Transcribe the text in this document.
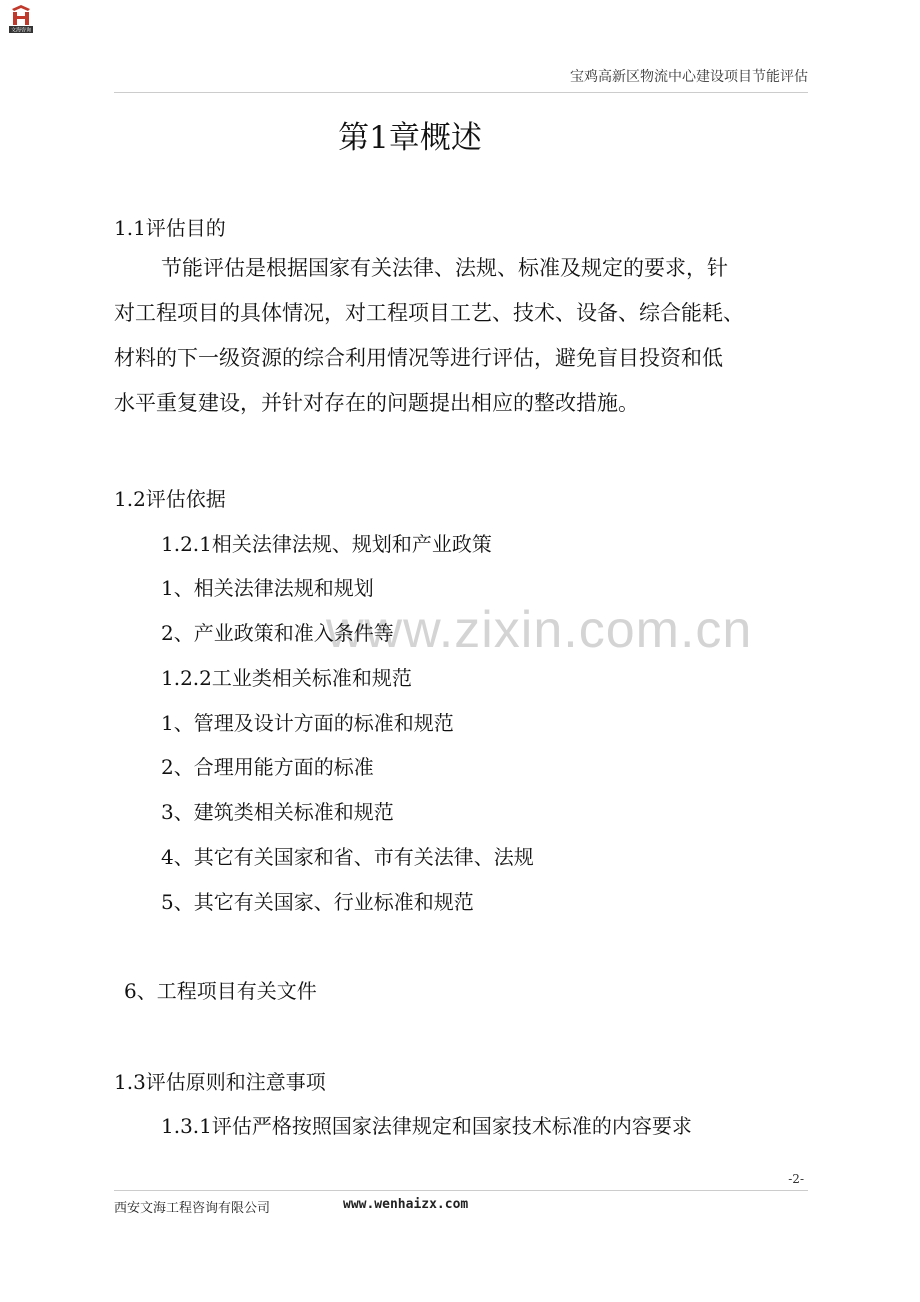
文海咨询
宝鸡高新区物流中心建设项目节能评估
第1章概述
www.zixin.com.cn
1.1评估目的

节能评估是根据国家有关法律、法规、标准及规定的要求，针

对工程项目的具体情况，对工程项目工艺、技术、设备、综合能耗、

材料的下一级资源的综合利用情况等进行评估，避免盲目投资和低

水平重复建设，并针对存在的问题提出相应的整改措施。

1.2评估依据
1.2.1相关法律法规、规划和产业政策
1、相关法律法规和规划
2、产业政策和准入条件等
1.2.2工业类相关标准和规范
1、管理及设计方面的标准和规范
2、合理用能方面的标准
3、建筑类相关标准和规范
4、其它有关国家和省、市有关法律、法规
5、其它有关国家、行业标准和规范
6、工程项目有关文件
1.3评估原则和注意事项
1.3.1评估严格按照国家法律规定和国家技术标准的内容要求
-2-
西安文海工程咨询有限公司	www.wenhaizx.com
